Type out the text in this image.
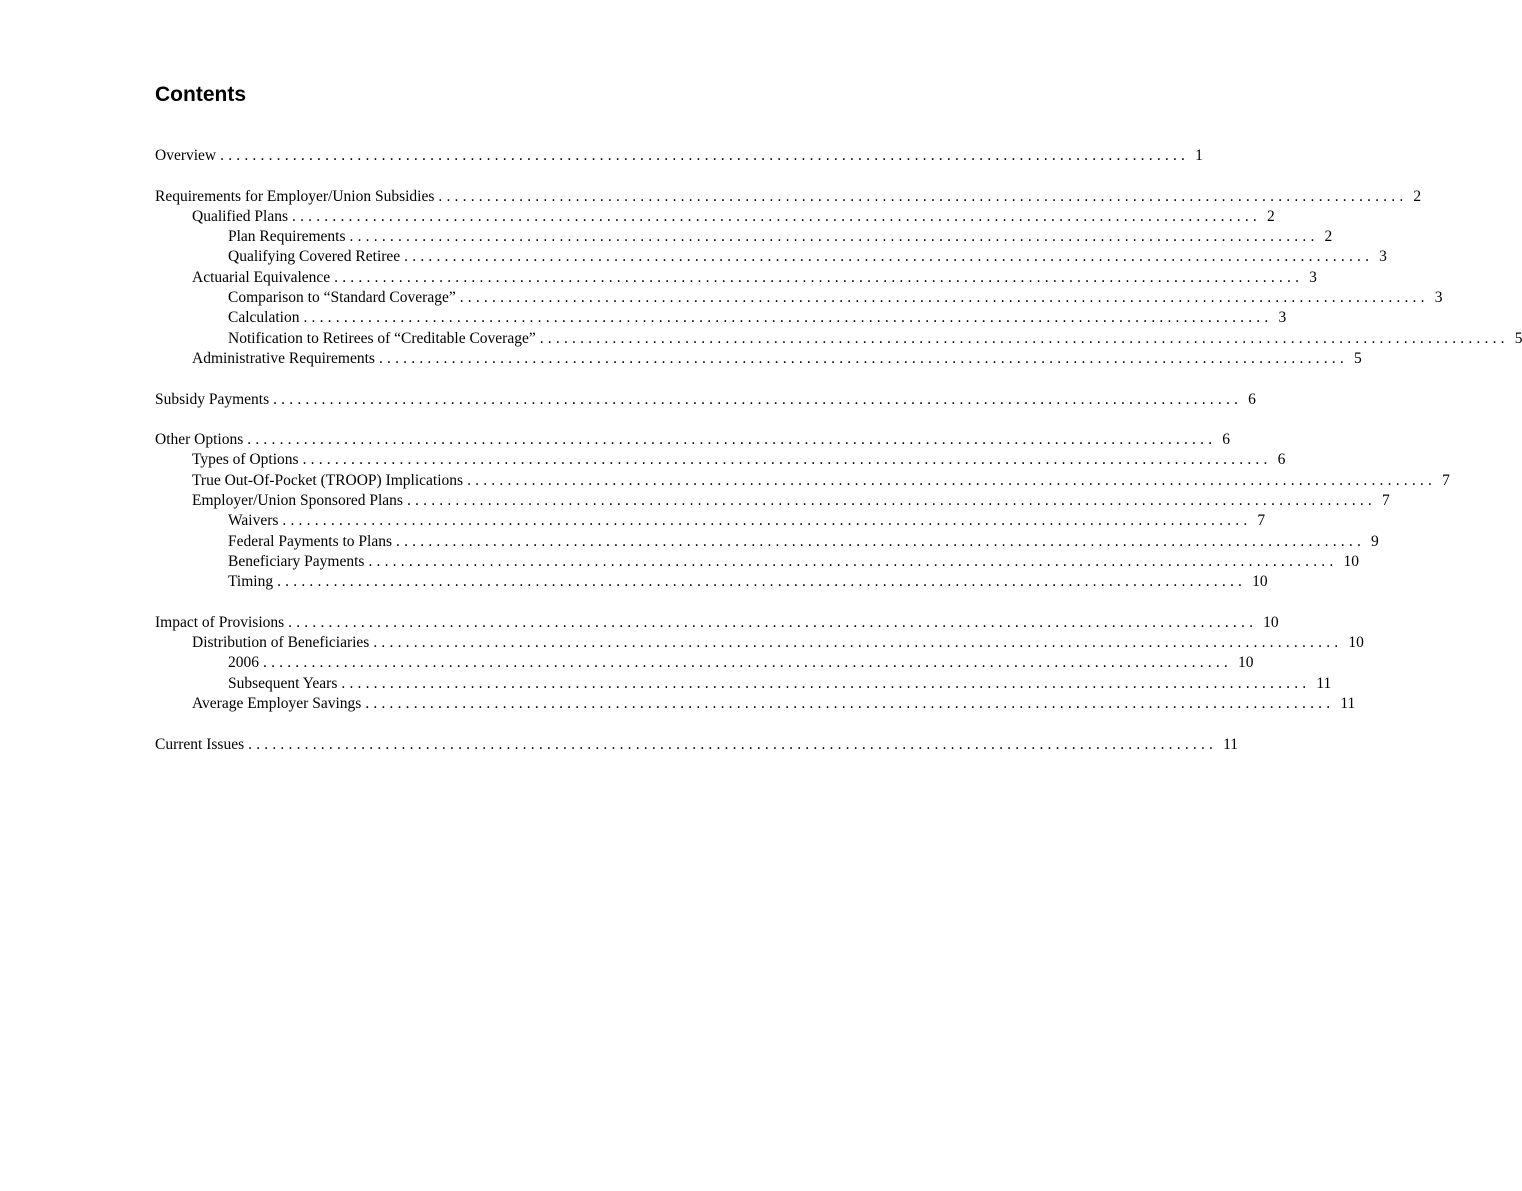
Contents
Overview ........................................................................................................................ 1
Requirements for Employer/Union Subsidies ........................................................................................................................ 2
Qualified Plans ........................................................................................................................ 2
Plan Requirements ........................................................................................................................ 2
Qualifying Covered Retiree ........................................................................................................................ 3
Actuarial Equivalence ........................................................................................................................ 3
Comparison to “Standard Coverage” ........................................................................................................................ 3
Calculation ........................................................................................................................ 3
Notification to Retirees of “Creditable Coverage” ........................................................................................................................ 5
Administrative Requirements ........................................................................................................................ 5
Subsidy Payments ........................................................................................................................ 6
Other Options ........................................................................................................................ 6
Types of Options ........................................................................................................................ 6
True Out-Of-Pocket (TROOP) Implications ........................................................................................................................ 7
Employer/Union Sponsored Plans ........................................................................................................................ 7
Waivers ........................................................................................................................ 7
Federal Payments to Plans ........................................................................................................................ 9
Beneficiary Payments ........................................................................................................................ 10
Timing ........................................................................................................................ 10
Impact of Provisions ........................................................................................................................ 10
Distribution of Beneficiaries ........................................................................................................................ 10
2006 ........................................................................................................................ 10
Subsequent Years ........................................................................................................................ 11
Average Employer Savings ........................................................................................................................ 11
Current Issues ........................................................................................................................ 11
